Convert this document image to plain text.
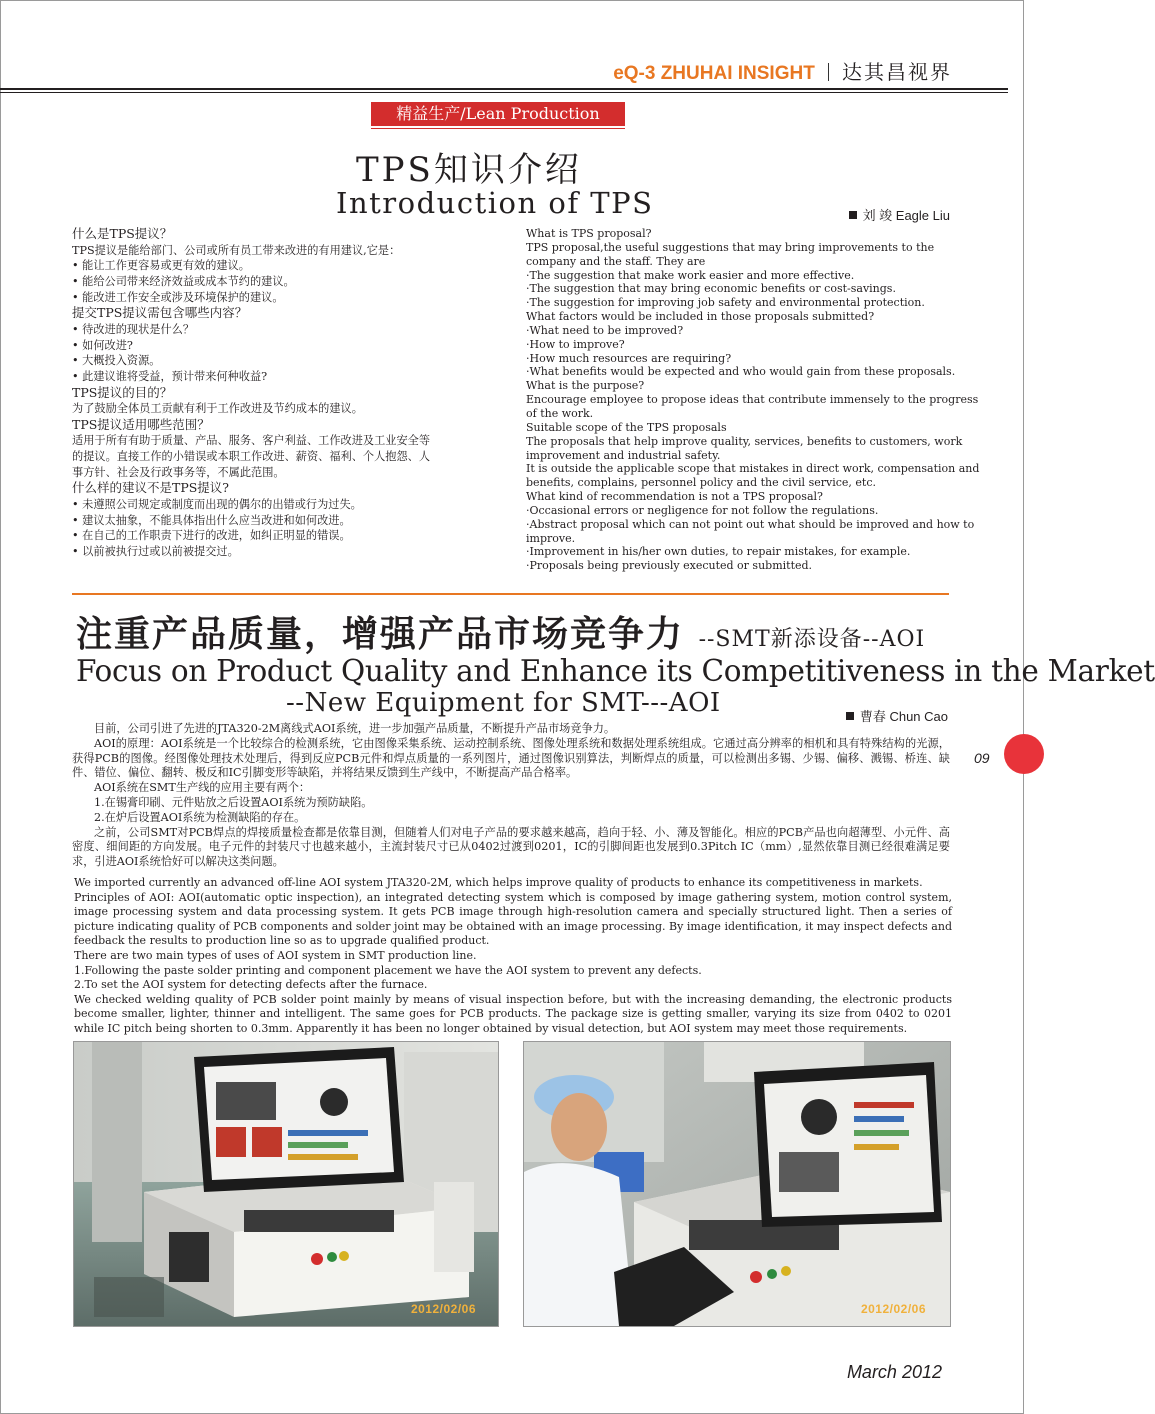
eQ-3 ZHUHAI INSIGHT 达其昌视界
精益生产/Lean Production
TPS知识介绍
Introduction of TPS	刘 竣 Eagle Liu
什么是TPS提议？
TPS提议是能给部门、公司或所有员工带来改进的有用建议,它是：
• 能让工作更容易或更有效的建议。
• 能给公司带来经济效益或成本节约的建议。
• 能改进工作安全或涉及环境保护的建议。
提交TPS提议需包含哪些内容？
• 待改进的现状是什么？
• 如何改进?
• 大概投入资源。
• 此建议谁将受益，预计带来何种收益?
TPS提议的目的？
为了鼓励全体员工贡献有利于工作改进及节约成本的建议。
TPS提议适用哪些范围？
适用于所有有助于质量、产品、服务、客户利益、工作改进及工业安全等
的提议。直接工作的小错误或本职工作改进、薪资、福利、个人抱怨、人
事方针、社会及行政事务等，不属此范围。
什么样的建议不是TPS提议?
• 未遵照公司规定或制度而出现的偶尔的出错或行为过失。
• 建议太抽象，不能具体指出什么应当改进和如何改进。
• 在自己的工作职责下进行的改进，如纠正明显的错误。
• 以前被执行过或以前被提交过。
What is TPS proposal?
TPS proposal,the useful suggestions that may bring improvements to the
company and the staff. They are
·The suggestion that make work easier and more effective.
·The suggestion that may bring economic benefits or cost-savings.
·The suggestion for improving job safety and environmental protection.
What factors would be included in those proposals submitted?
·What need to be improved?
·How to improve?
·How much resources are requiring?
·What benefits would be expected and who would gain from these proposals.
What is the purpose?
Encourage employee to propose ideas that contribute immensely to the progress
of the work.
Suitable scope of the TPS proposals
The proposals that help improve quality, services, benefits to customers, work
improvement and industrial safety.
It is outside the applicable scope that mistakes in direct work, compensation and
benefits, complains, personnel policy and the civil service, etc.
What kind of recommendation is not a TPS proposal?
·Occasional errors or negligence for not follow the regulations.
·Abstract proposal which can not point out what should be improved and how to
improve.
·Improvement in his/her own duties, to repair mistakes, for example.
·Proposals being previously executed or submitted.
注重产品质量，增强产品市场竞争力 --SMT新添设备--AOI
Focus on Product Quality and Enhance its Competitiveness in the Market
--New Equipment for SMT---AOI	曹春 Chun Cao

目前，公司引进了先进的JTA320-2M离线式AOI系统，进一步加强产品质量，不断提升产品市场竞争力。

AOI的原理：AOI系统是一个比较综合的检测系统，它由图像采集系统、运动控制系统、图像处理系统和数据处理系统组成。它通过高分辨率的相机和具有特殊结构的光源，获得PCB的图像。经图像处理技术处理后，得到反应PCB元件和焊点质量的一系列图片，通过图像识别算法，判断焊点的质量，可以检测出多锡、少锡、偏移、溅锡、桥连、缺件、错位、偏位、翻转、极反和IC引脚变形等缺陷，并将结果反馈到生产线中，不断提高产品合格率。

AOI系统在SMT生产线的应用主要有两个：

1.在锡膏印刷、元件贴放之后设置AOI系统为预防缺陷。

2.在炉后设置AOI系统为检测缺陷的存在。

之前，公司SMT对PCB焊点的焊接质量检查都是依靠目测，但随着人们对电子产品的要求越来越高，趋向于轻、小、薄及智能化。相应的PCB产品也向超薄型、小元件、高密度、细间距的方向发展。电子元件的封装尺寸也越来越小，主流封装尺寸已从0402过渡到0201，IC的引脚间距也发展到0.3Pitch IC（mm）,显然依靠目测已经很难满足要求，引进AOI系统恰好可以解决这类问题。

We imported currently an advanced off-line AOI system JTA320-2M, which helps improve quality of products to enhance its competitiveness in markets.

Principles of AOI: AOI(automatic optic inspection), an integrated detecting system which is composed by image gathering system, motion control system, image processing system and data processing system. It gets PCB image through high-resolution camera and specially structured light. Then a series of picture indicating quality of PCB components and solder joint may be obtained with an image processing. By image identification, it may inspect defects and feedback the results to production line so as to upgrade qualified product.

There are two main types of uses of AOI system in SMT production line.

1.Following the paste solder printing and component placement we have the AOI system to prevent any defects.

2.To set the AOI system for detecting defects after the furnace.

We checked welding quality of PCB solder point mainly by means of visual inspection before, but with the increasing demanding, the electronic products become smaller, lighter, thinner and intelligent. The same goes for PCB products. The package size is getting smaller, varying its size from 0402 to 0201 while IC pitch being shorten to 0.3mm. Apparently it has been no longer obtained by visual detection, but AOI system may meet those requirements.

09
2012/02/06	2012/02/06
March 2012
